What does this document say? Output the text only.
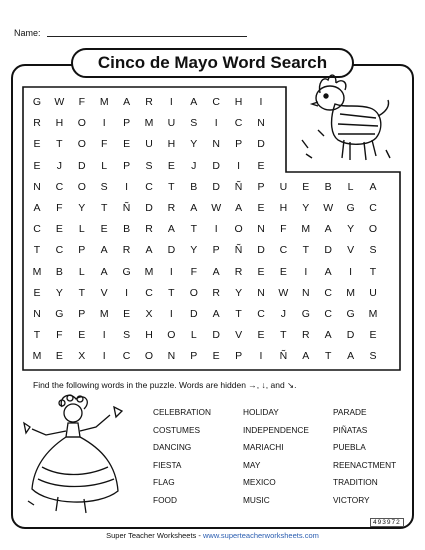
Name:
Cinco de Mayo Word Search
G	W	F	M	A	R	I	A	C	H	I
R	H	O	I	P	M	U	S	I	C	N
E	T	O	F	E	U	H	Y	N	P	D
E	J	D	L	P	S	E	J	D	I	E
N	C	O	S	I	C	T	B	D	Ñ	P	U	E	B	L	A
A	F	Y	T	Ñ	D	R	A	W	A	E	H	Y	W	G	C
C	E	L	E	B	R	A	T	I	O	N	F	M	A	Y	O
T	C	P	A	R	A	D	Y	P	Ñ	D	C	T	D	V	S
M	B	L	A	G	M	I	F	A	R	E	E	I	A	I	T
E	Y	T	V	I	C	T	O	R	Y	N	W	N	C	M	U
N	G	P	M	E	X	I	D	A	T	C	J	G	C	G	M
T	F	E	I	S	H	O	L	D	V	E	T	R	A	D	E
M	E	X	I	C	O	N	P	E	P	I	Ñ	A	T	A	S
Find the following words in the puzzle. Words are hidden →, ↓, and ↘.
CELEBRATION
COSTUMES
DANCING
FIESTA
FLAG
FOOD
HOLIDAY
INDEPENDENCE
MARIACHI
MAY
MEXICO
MUSIC
PARADE
PIÑATAS
PUEBLA
REENACTMENT
TRADITION
VICTORY
493972
Super Teacher Worksheets - www.superteacherworksheets.com
